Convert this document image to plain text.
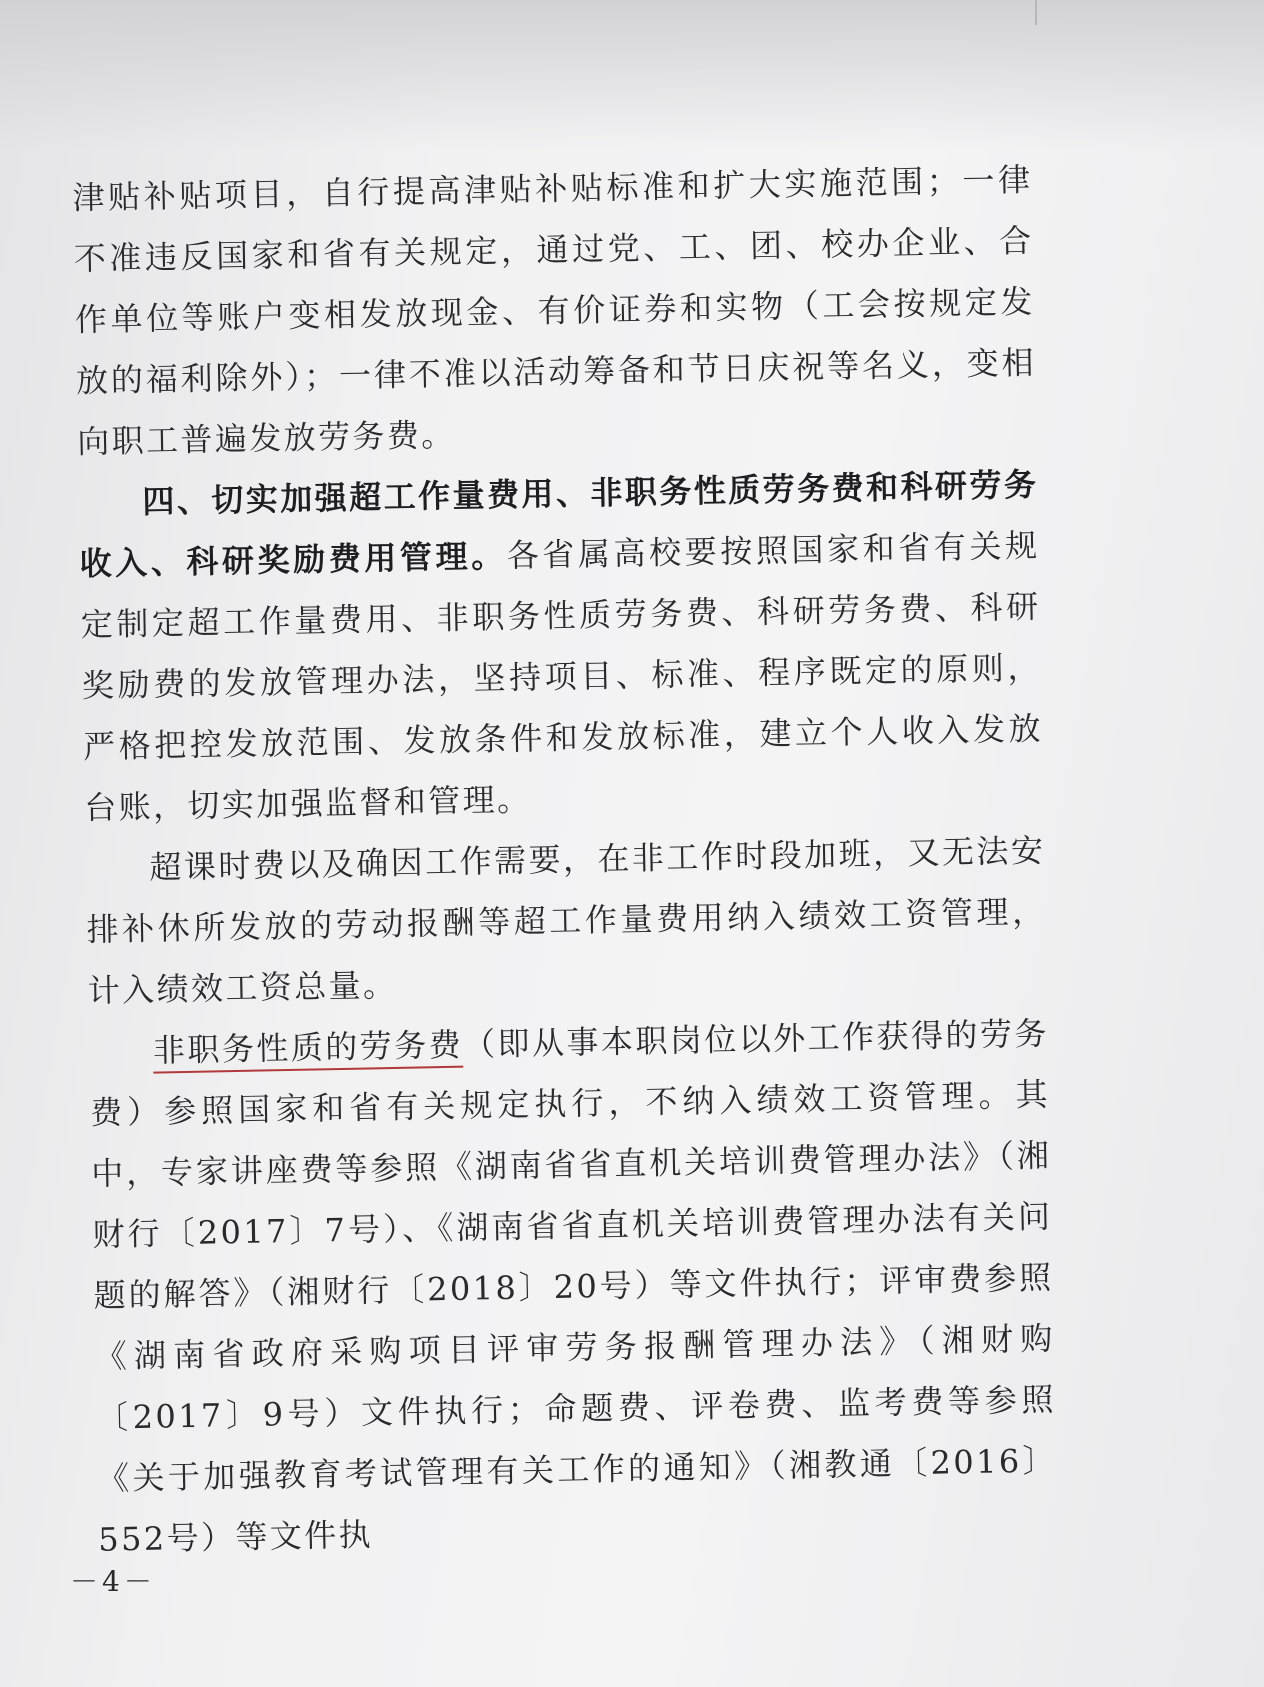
津贴补贴项目，自行提高津贴补贴标准和扩大实施范围；一律不准违反国家和省有关规定，通过党、工、团、校办企业、合作单位等账户变相发放现金、有价证券和实物（工会按规定发放的福利除外）；一律不准以活动筹备和节日庆祝等名义，变相向职工普遍发放劳务费。

四、切实加强超工作量费用、非职务性质劳务费和科研劳务收入、科研奖励费用管理。各省属高校要按照国家和省有关规定制定超工作量费用、非职务性质劳务费、科研劳务费、科研奖励费的发放管理办法，坚持项目、标准、程序既定的原则，严格把控发放范围、发放条件和发放标准，建立个人收入发放台账，切实加强监督和管理。

超课时费以及确因工作需要，在非工作时段加班，又无法安排补休所发放的劳动报酬等超工作量费用纳入绩效工资管理，计入绩效工资总量。

非职务性质的劳务费（即从事本职岗位以外工作获得的劳务费）参照国家和省有关规定执行，不纳入绩效工资管理。其中，专家讲座费等参照《湖南省省直机关培训费管理办法》（湘财行〔2017〕7号）、《湖南省省直机关培训费管理办法有关问题的解答》（湘财行〔2018〕20号）等文件执行；评审费参照《湖南省政府采购项目评审劳务报酬管理办法》（湘财购〔2017〕9号）文件执行；命题费、评卷费、监考费等参照《关于加强教育考试管理有关工作的通知》（湘教通〔2016〕552号）等文件执

－4－
